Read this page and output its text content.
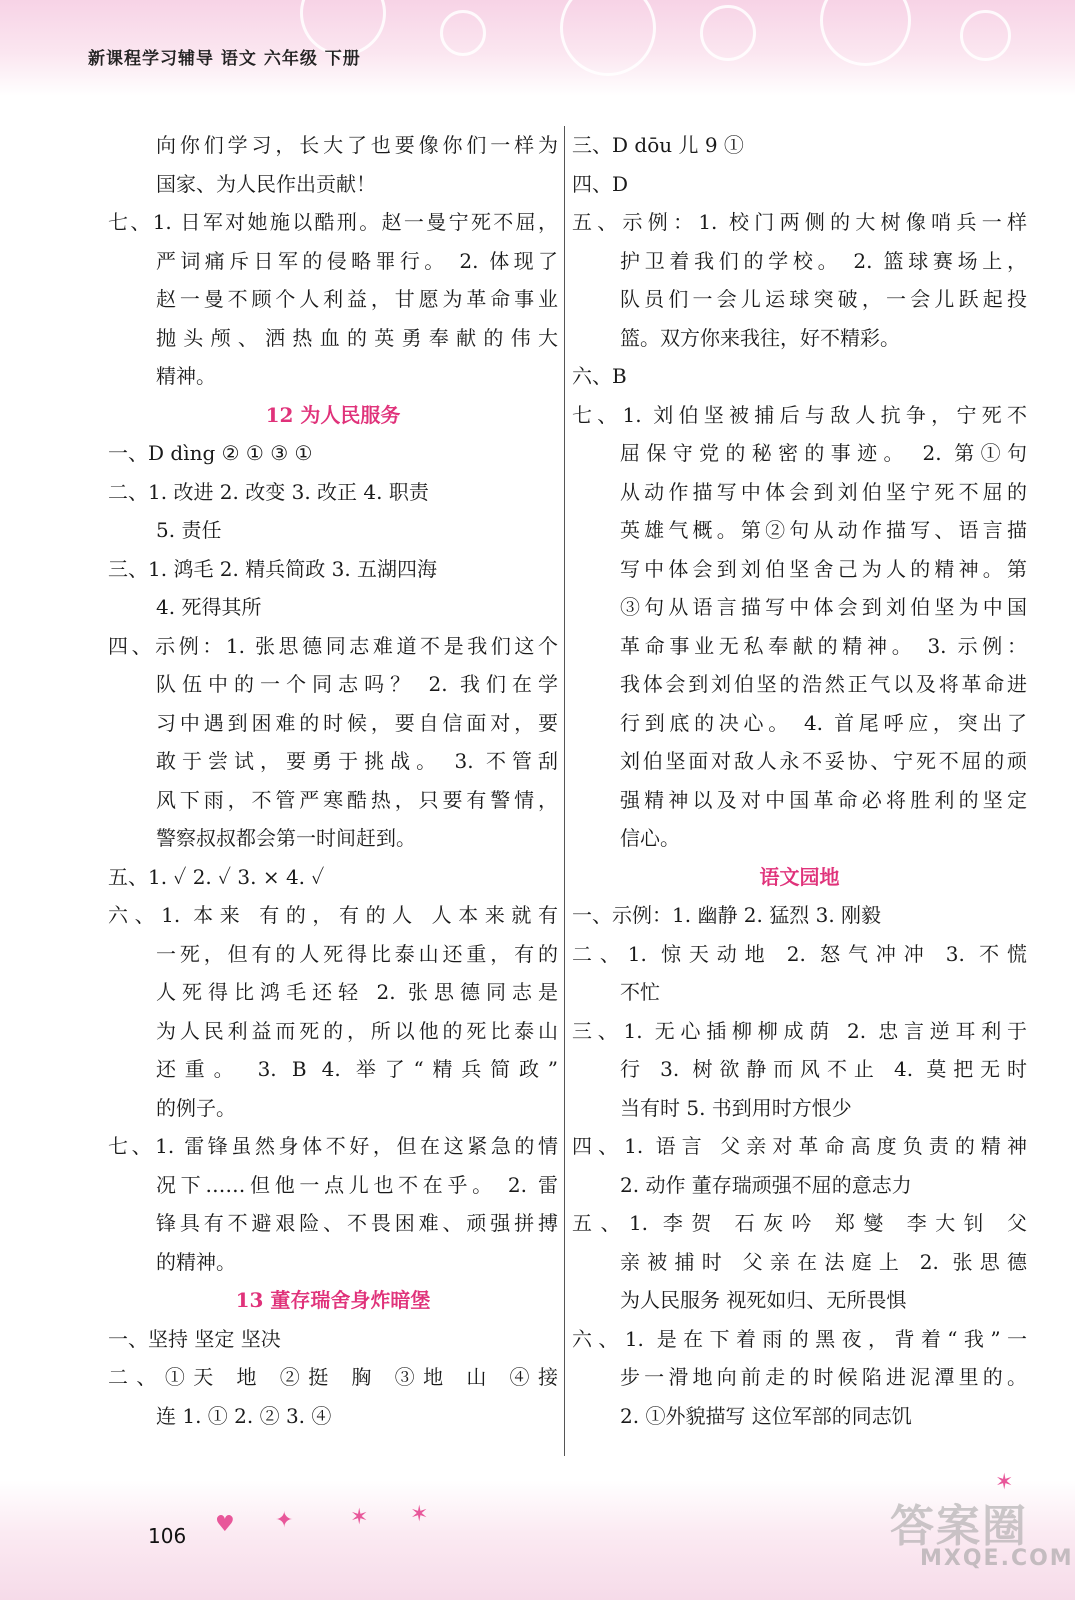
新课程学习辅导 语文 六年级 下册
向你们学习，长大了也要像你们一样为
国家、为人民作出贡献！
七、1. 日军对她施以酷刑。赵一曼宁死不屈，
严词痛斥日军的侵略罪行。 2. 体现了
赵一曼不顾个人利益，甘愿为革命事业
抛头颅、洒热血的英勇奉献的伟大
精神。
12 为人民服务
一、D dìng ② ① ③ ①
二、1. 改进 2. 改变 3. 改正 4. 职责
5. 责任
三、1. 鸿毛 2. 精兵简政 3. 五湖四海
4. 死得其所
四、示例：1. 张思德同志难道不是我们这个
队伍中的一个同志吗？ 2. 我们在学
习中遇到困难的时候，要自信面对，要
敢于尝试，要勇于挑战。 3. 不管刮
风下雨，不管严寒酷热，只要有警情，
警察叔叔都会第一时间赶到。
五、1. ✓ 2. ✓ 3. × 4. ✓
六、1. 本来 有的，有的人 人本来就有
一死，但有的人死得比泰山还重，有的
人死得比鸿毛还轻 2. 张思德同志是
为人民利益而死的，所以他的死比泰山
还重。 3. B 4. 举了“精兵简政”
的例子。
七、1. 雷锋虽然身体不好，但在这紧急的情
况下……但他一点儿也不在乎。 2. 雷
锋具有不避艰险、不畏困难、顽强拼搏
的精神。
13 董存瑞舍身炸暗堡
一、坚持 坚定 坚决
二、①天 地 ②挺 胸 ③地 山 ④接
连 1. ① 2. ② 3. ④
三、D dōu 儿 9 ①
四、D
五、示例：1. 校门两侧的大树像哨兵一样
护卫着我们的学校。 2. 篮球赛场上，
队员们一会儿运球突破，一会儿跃起投
篮。双方你来我往，好不精彩。
六、B
七、1. 刘伯坚被捕后与敌人抗争，宁死不
屈保守党的秘密的事迹。 2. 第①句
从动作描写中体会到刘伯坚宁死不屈的
英雄气概。第②句从动作描写、语言描
写中体会到刘伯坚舍己为人的精神。第
③句从语言描写中体会到刘伯坚为中国
革命事业无私奉献的精神。 3. 示例：
我体会到刘伯坚的浩然正气以及将革命进
行到底的决心。 4. 首尾呼应，突出了
刘伯坚面对敌人永不妥协、宁死不屈的顽
强精神以及对中国革命必将胜利的坚定
信心。
语文园地
一、示例：1. 幽静 2. 猛烈 3. 刚毅
二、1. 惊天动地 2. 怒气冲冲 3. 不慌
不忙
三、1. 无心插柳柳成荫 2. 忠言逆耳利于
行 3. 树欲静而风不止 4. 莫把无时
当有时 5. 书到用时方恨少
四、1. 语言 父亲对革命高度负责的精神
2. 动作 董存瑞顽强不屈的意志力
五、1. 李贺 石灰吟 郑燮 李大钊 父
亲被捕时 父亲在法庭上 2. 张思德
为人民服务 视死如归、无所畏惧
六、1. 是在下着雨的黑夜，背着“我”一
步一滑地向前走的时候陷进泥潭里的。
2. ①外貌描写 这位军部的同志饥
♥ ✦	✶ ✶
✶
106	答案圈
MXQE.COM
